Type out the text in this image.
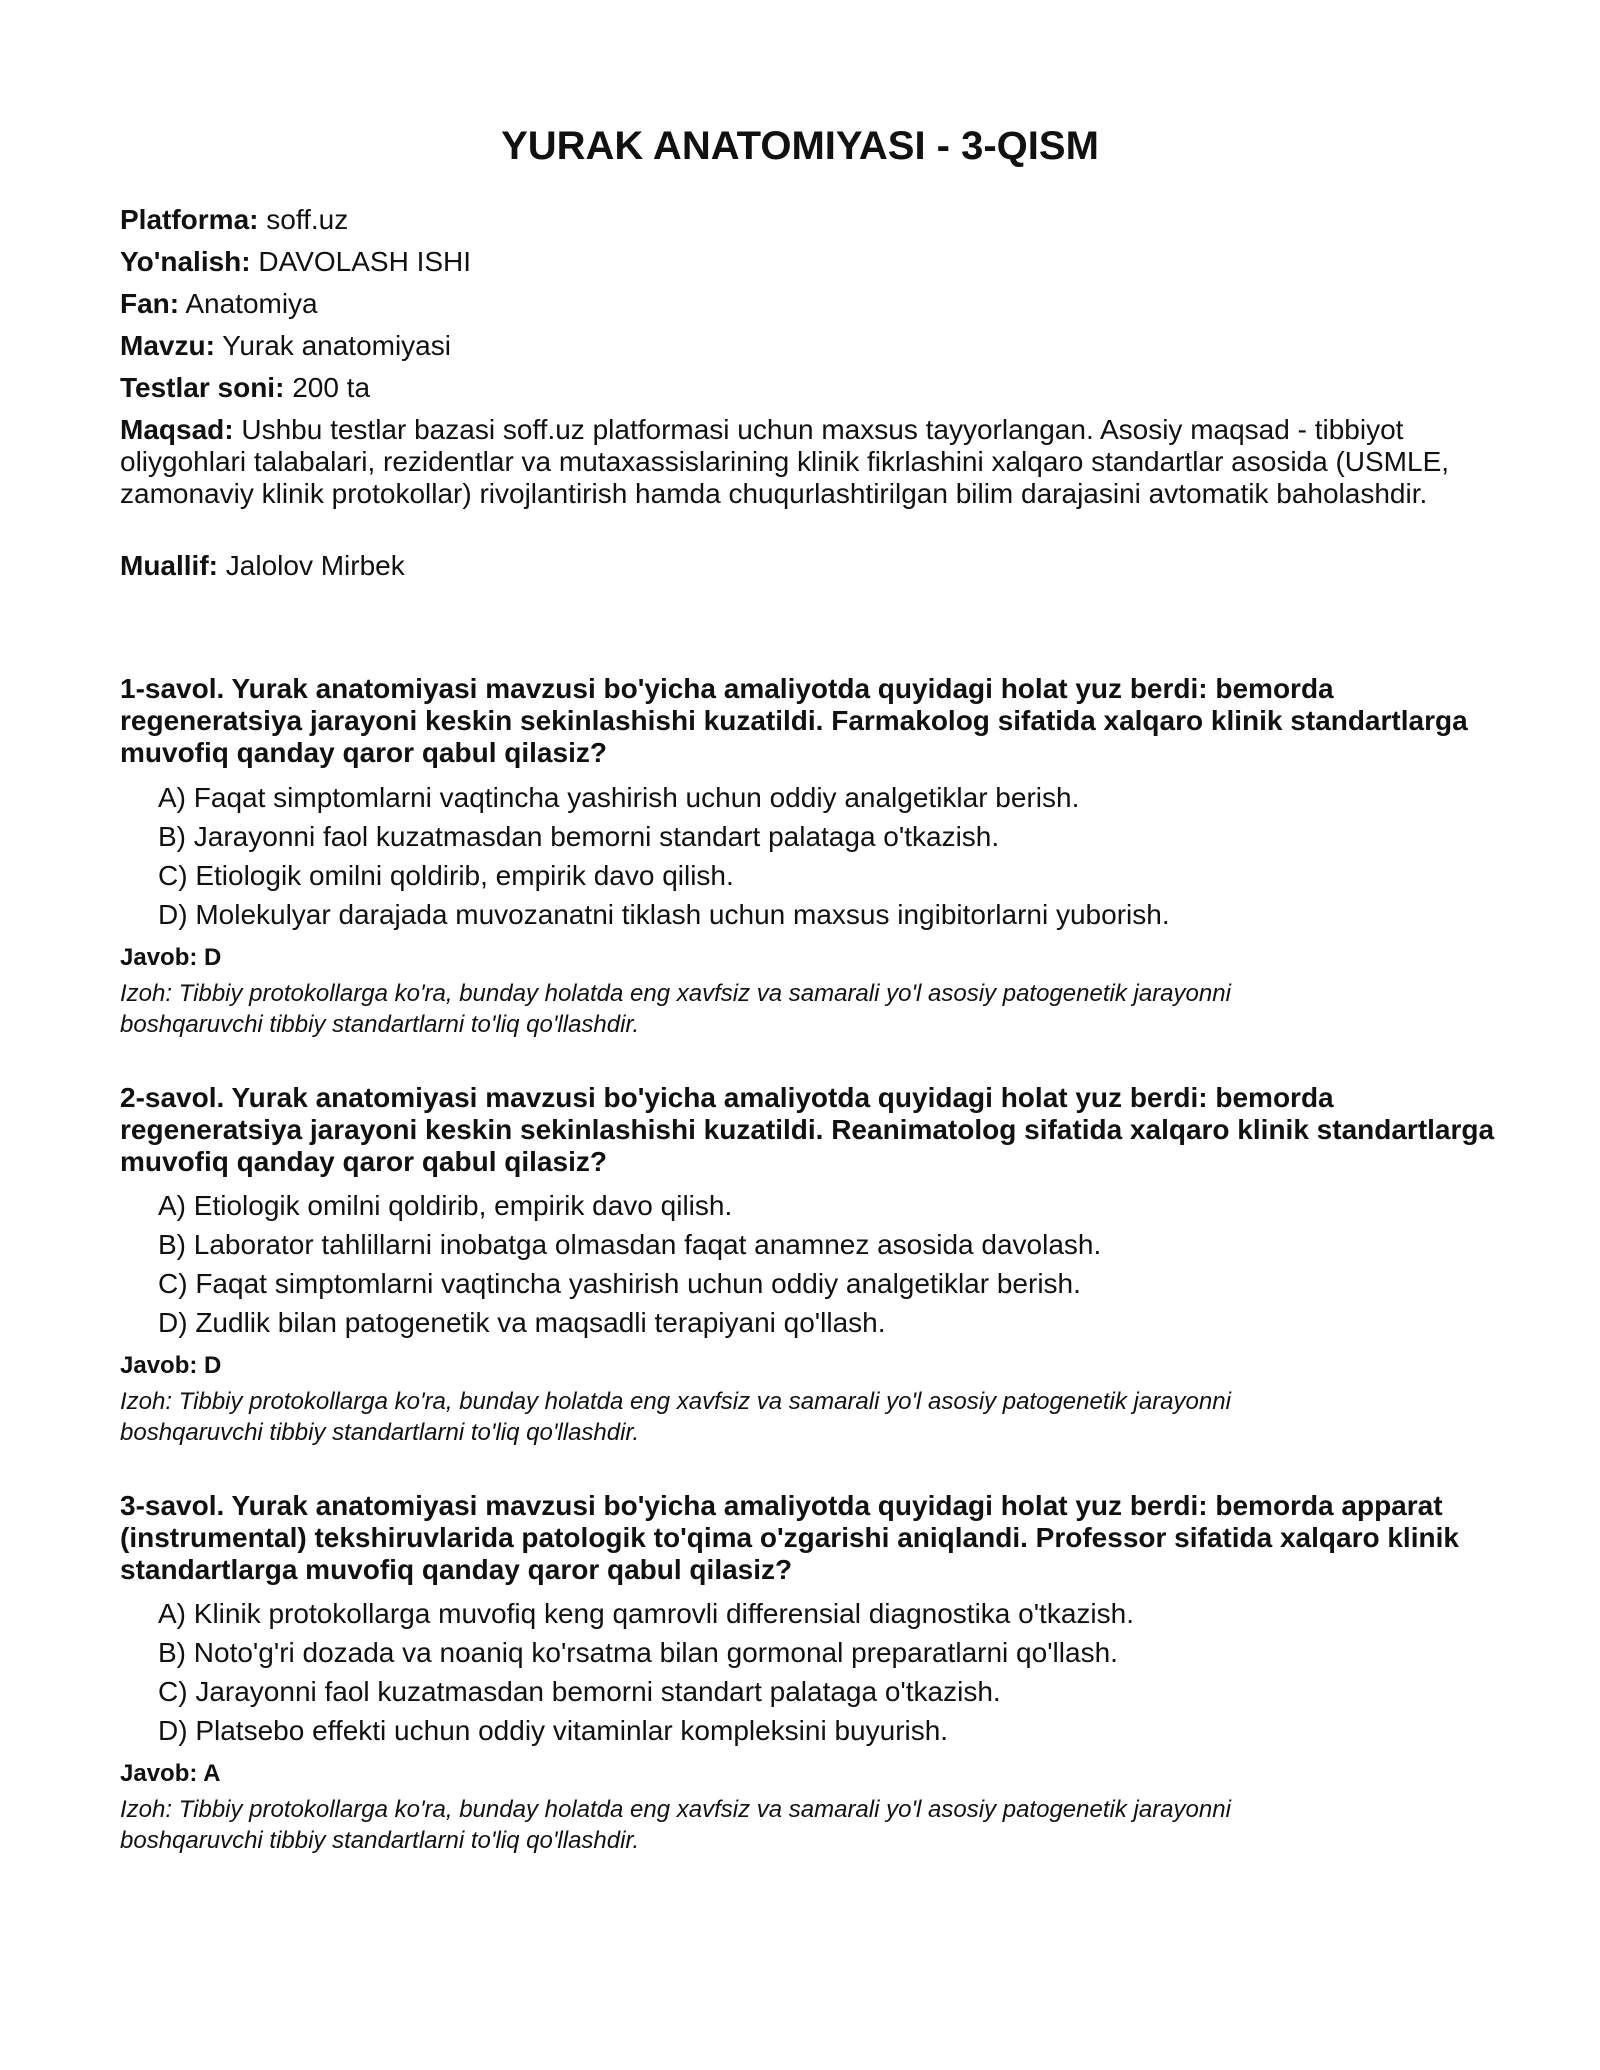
YURAK ANATOMIYASI - 3-QISM
Platforma: soff.uz
Yo'nalish: DAVOLASH ISHI
Fan: Anatomiya
Mavzu: Yurak anatomiyasi
Testlar soni: 200 ta
Maqsad: Ushbu testlar bazasi soff.uz platformasi uchun maxsus tayyorlangan. Asosiy maqsad - tibbiyot oliygohlari talabalari, rezidentlar va mutaxassislarining klinik fikrlashini xalqaro standartlar asosida (USMLE, zamonaviy klinik protokollar) rivojlantirish hamda chuqurlashtirilgan bilim darajasini avtomatik baholashdir.
Muallif: Jalolov Mirbek
1-savol. Yurak anatomiyasi mavzusi bo'yicha amaliyotda quyidagi holat yuz berdi: bemorda regeneratsiya jarayoni keskin sekinlashishi kuzatildi. Farmakolog sifatida xalqaro klinik standartlarga muvofiq qanday qaror qabul qilasiz?
A) Faqat simptomlarni vaqtincha yashirish uchun oddiy analgetiklar berish.
B) Jarayonni faol kuzatmasdan bemorni standart palataga o'tkazish.
C) Etiologik omilni qoldirib, empirik davo qilish.
D) Molekulyar darajada muvozanatni tiklash uchun maxsus ingibitorlarni yuborish.
Javob: D
Izoh: Tibbiy protokollarga ko'ra, bunday holatda eng xavfsiz va samarali yo'l asosiy patogenetik jarayonni boshqaruvchi tibbiy standartlarni to'liq qo'llashdir.
2-savol. Yurak anatomiyasi mavzusi bo'yicha amaliyotda quyidagi holat yuz berdi: bemorda regeneratsiya jarayoni keskin sekinlashishi kuzatildi. Reanimatolog sifatida xalqaro klinik standartlarga muvofiq qanday qaror qabul qilasiz?
A) Etiologik omilni qoldirib, empirik davo qilish.
B) Laborator tahlillarni inobatga olmasdan faqat anamnez asosida davolash.
C) Faqat simptomlarni vaqtincha yashirish uchun oddiy analgetiklar berish.
D) Zudlik bilan patogenetik va maqsadli terapiyani qo'llash.
Javob: D
Izoh: Tibbiy protokollarga ko'ra, bunday holatda eng xavfsiz va samarali yo'l asosiy patogenetik jarayonni boshqaruvchi tibbiy standartlarni to'liq qo'llashdir.
3-savol. Yurak anatomiyasi mavzusi bo'yicha amaliyotda quyidagi holat yuz berdi: bemorda apparat (instrumental) tekshiruvlarida patologik to'qima o'zgarishi aniqlandi. Professor sifatida xalqaro klinik standartlarga muvofiq qanday qaror qabul qilasiz?
A) Klinik protokollarga muvofiq keng qamrovli differensial diagnostika o'tkazish.
B) Noto'g'ri dozada va noaniq ko'rsatma bilan gormonal preparatlarni qo'llash.
C) Jarayonni faol kuzatmasdan bemorni standart palataga o'tkazish.
D) Platsebo effekti uchun oddiy vitaminlar kompleksini buyurish.
Javob: A
Izoh: Tibbiy protokollarga ko'ra, bunday holatda eng xavfsiz va samarali yo'l asosiy patogenetik jarayonni boshqaruvchi tibbiy standartlarni to'liq qo'llashdir.
